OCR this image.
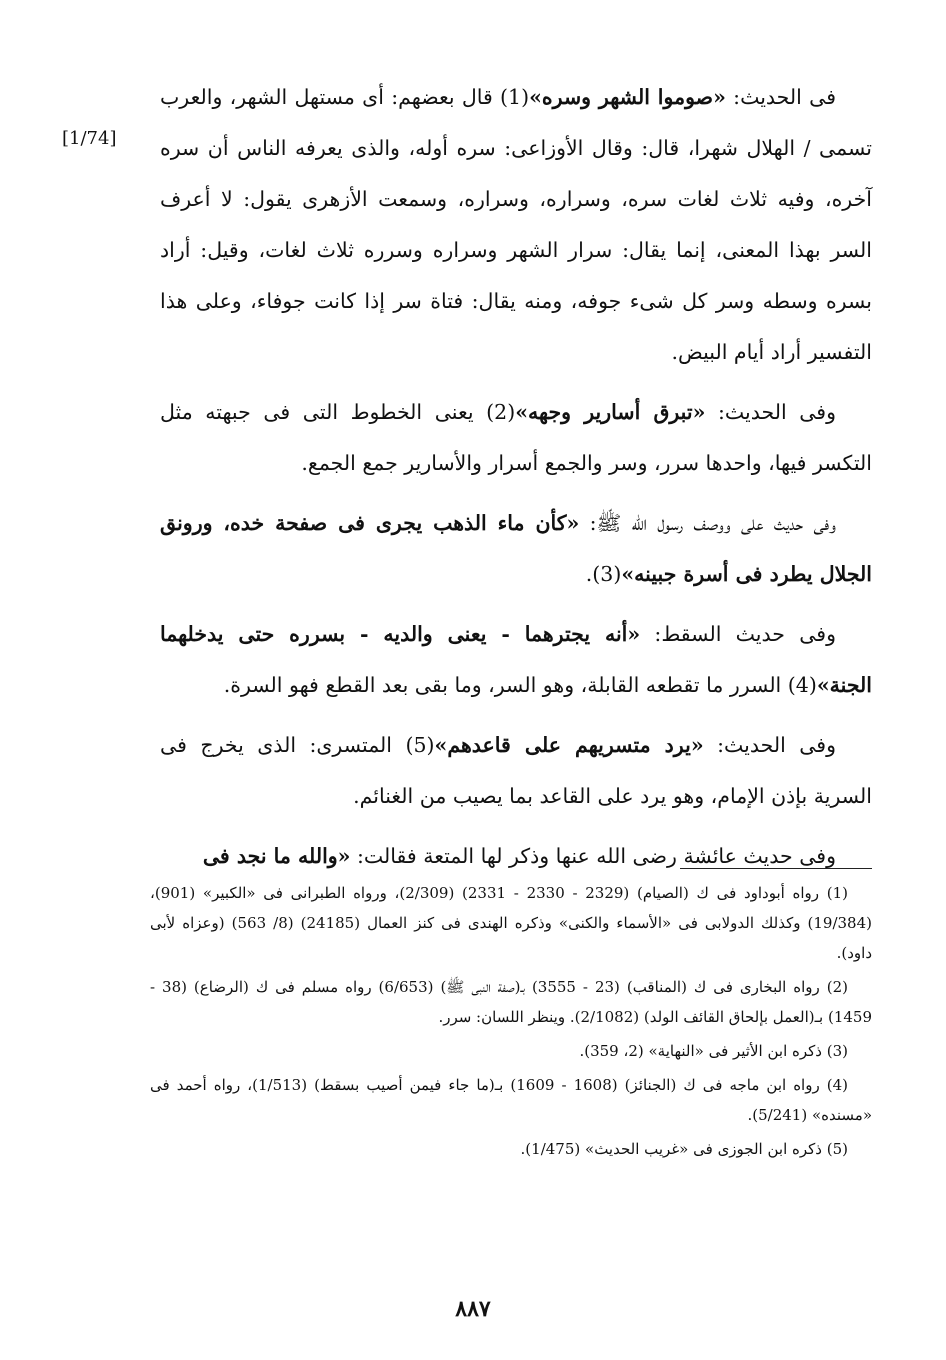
[1/74]

فى الحديث: «صوموا الشهر وسره»(1) قال بعضهم: أى مستهل الشهر، والعرب تسمى / الهلال شهرا، قال: وقال الأوزاعى: سره أوله، والذى يعرفه الناس أن سره آخره، وفيه ثلاث لغات سره، وسراره، وسراره، وسمعت الأزهرى يقول: لا أعرف السر بهذا المعنى، إنما يقال: سرار الشهر وسراره وسرره ثلاث لغات، وقيل: أراد بسره وسطه وسر كل شىء جوفه، ومنه يقال: فتاة سر إذا كانت جوفاء، وعلى هذا التفسير أراد أيام البيض.

وفى الحديث: «تبرق أسارير وجهه»(2) يعنى الخطوط التى فى جبهته مثل التكسر فيها، واحدها سرر، وسر والجمع أسرار والأسارير جمع الجمع.

وفى حديث على ووصف رسول الله ﷺ: «كأن ماء الذهب يجرى فى صفحة خده، ورونق الجلال يطرد فى أسرة جبينه»(3).

وفى حديث السقط: «أنه يجترهما - يعنى والديه - بسرره حتى يدخلهما الجنة»(4) السرر ما تقطعه القابلة، وهو السر، وما بقى بعد القطع فهو السرة.

وفى الحديث: «يرد متسريهم على قاعدهم»(5) المتسرى: الذى يخرج فى السرية بإذن الإمام، وهو يرد على القاعد بما يصيب من الغنائم.

وفى حديث عائشة رضى الله عنها وذكر لها المتعة فقالت: «والله ما نجد فى

(1) رواه أبوداود فى ك (الصيام) (2329 - 2330 - 2331) (2/309)، ورواه الطبرانى فى «الكبير» (901)، (19/384) وكذلك الدولابى فى «الأسماء والكنى» وذكره الهندى فى كنز العمال (24185) (8/ 563) (وعزاه لأبى داود).

(2) رواه البخارى فى ك (المناقب) (23 - 3555) بـ(صفة النبى ﷺ) (6/653) رواه مسلم فى ك (الرضاع) (38 - 1459) بـ(العمل بإلحاق القائف الولد) (2/1082). وينظر اللسان: سرر.

(3) ذكره ابن الأثير فى «النهاية» (2، 359).

(4) رواه ابن ماجه فى ك (الجنائز) (1608 - 1609) بـ(ما جاء فيمن أصيب بسقط) (1/513)، رواه أحمد فى «مسنده» (5/241).

(5) ذكره ابن الجوزى فى «غريب الحديث» (1/475).

٨٨٧
